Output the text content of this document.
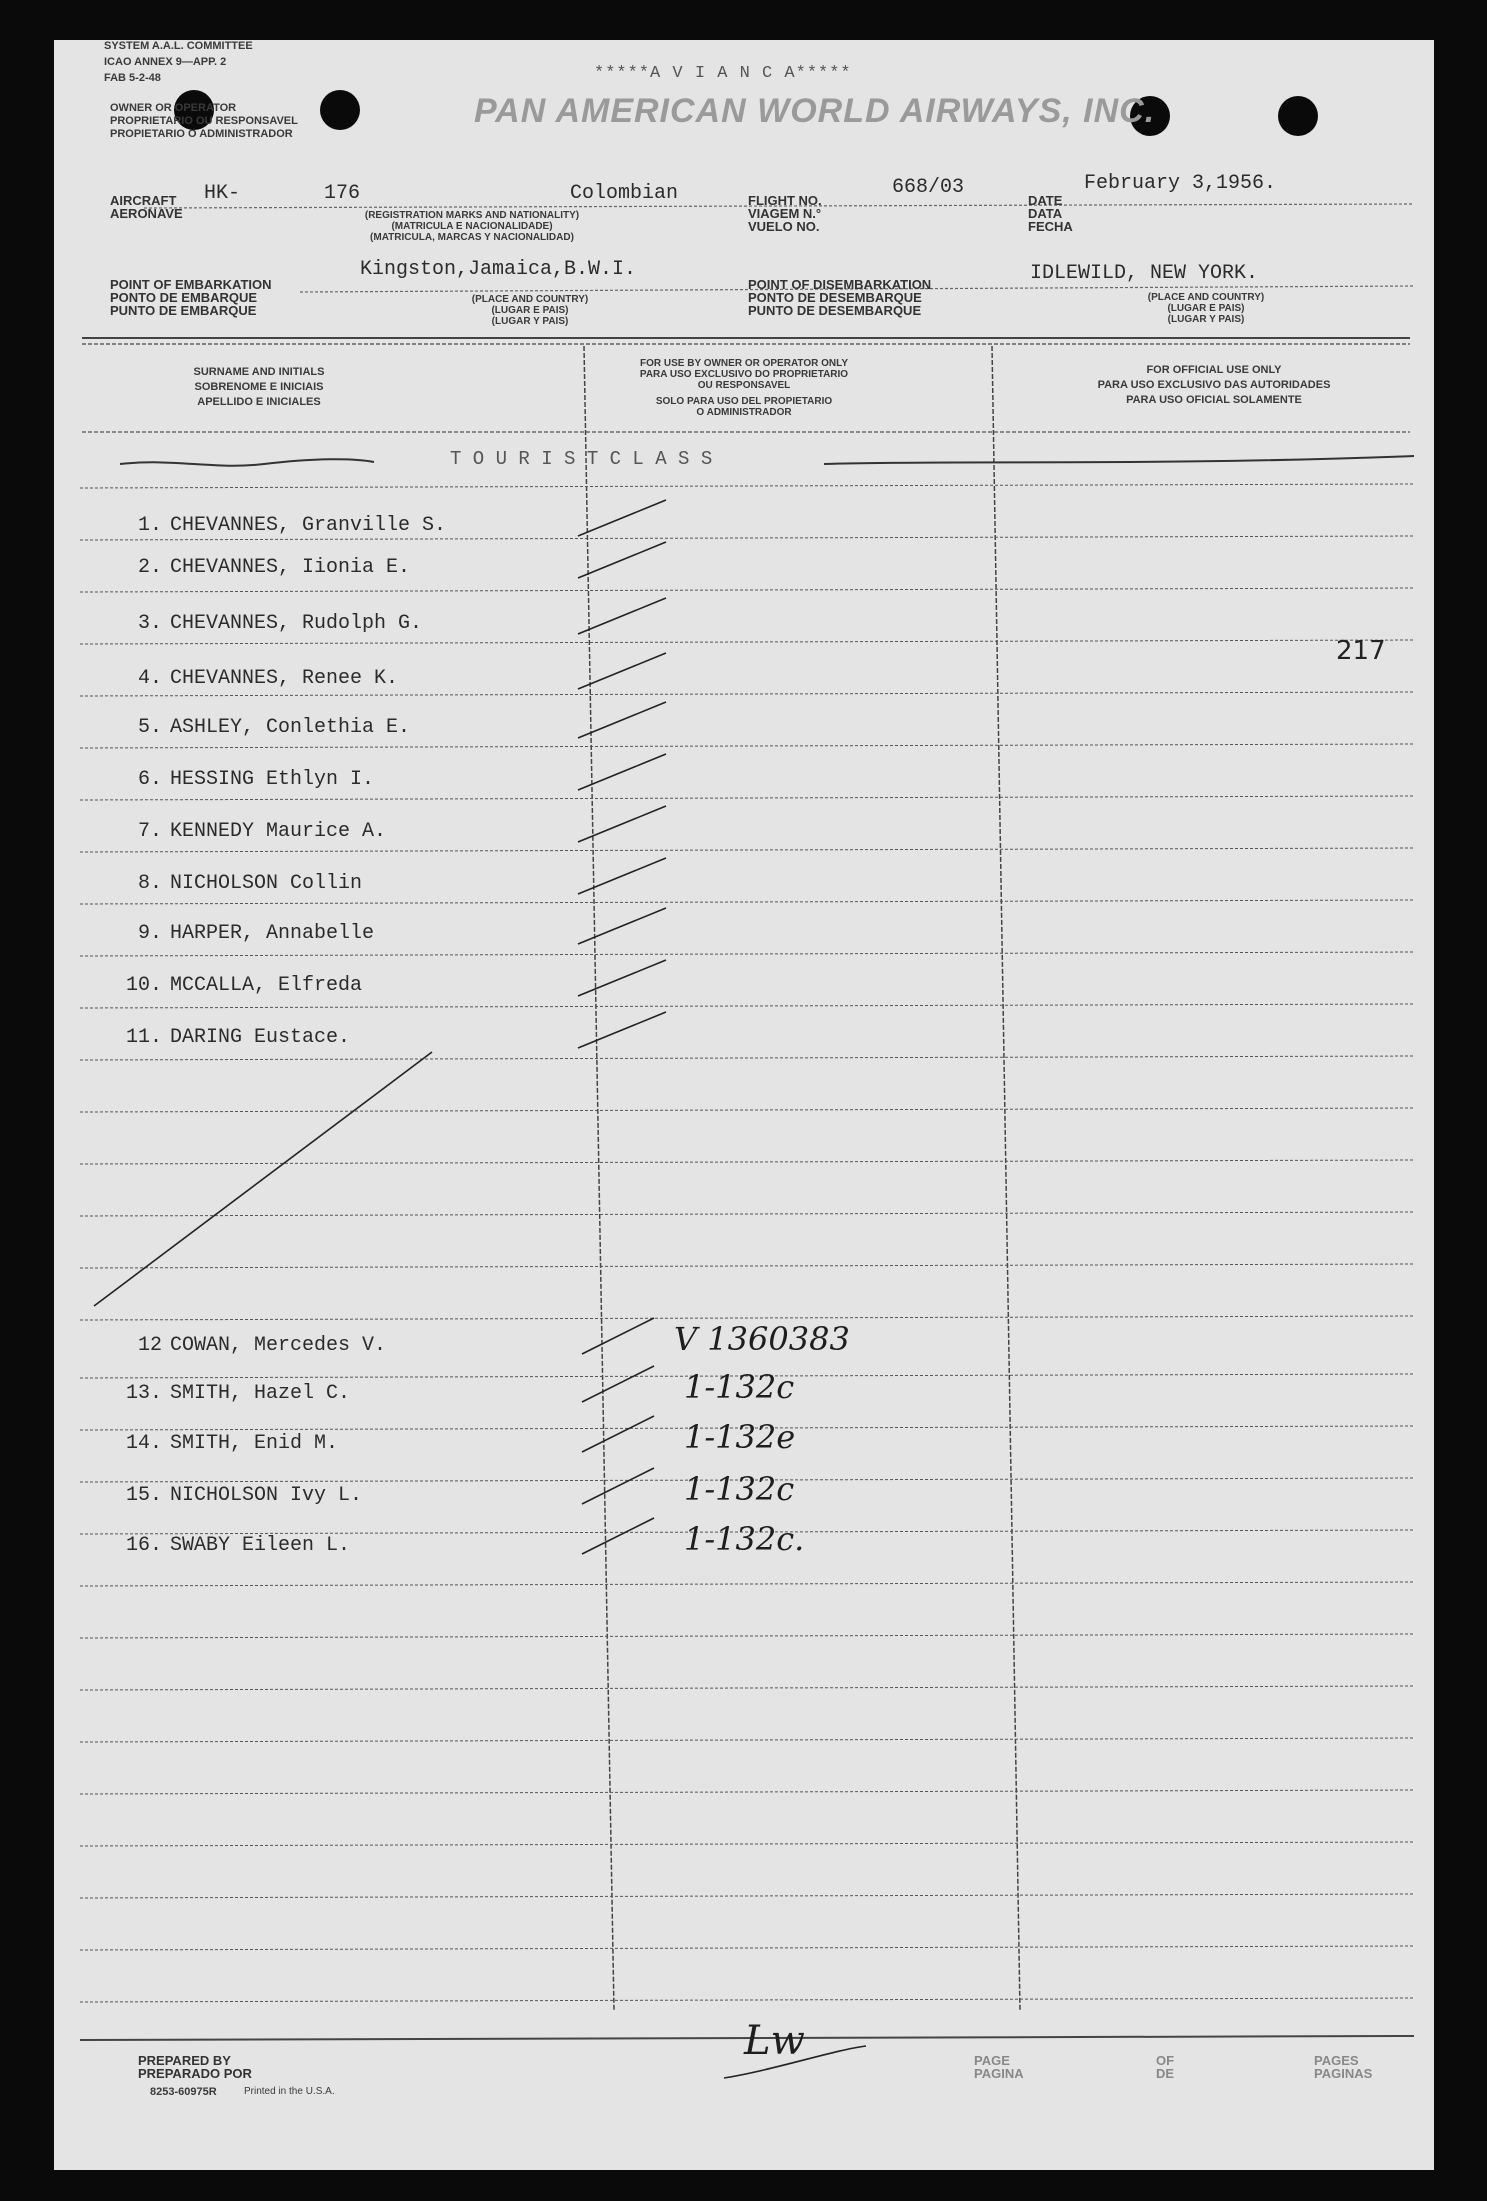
SYSTEM A.A.L. COMMITTEE
ICAO ANNEX 9—APP. 2
FAB 5-2-48
OWNER OR OPERATOR
PROPRIETARIO OU RESPONSAVEL
PROPIETARIO O ADMINISTRADOR
*****A V I A N C A*****
PAN AMERICAN WORLD AIRWAYS, INC.
AIRCRAFT
AERONAVE
HK-	176	Colombian
(REGISTRATION MARKS AND NATIONALITY)
(MATRICULA E NACIONALIDADE)
(MATRICULA, MARCAS Y NACIONALIDAD)
FLIGHT NO.
VIAGEM N.°
VUELO NO.
668/03
DATE
DATA
FECHA
February 3,1956.
POINT OF EMBARKATION
PONTO DE EMBARQUE
PUNTO DE EMBARQUE
Kingston,Jamaica,B.W.I.
(PLACE AND COUNTRY)
(LUGAR E PAIS)
(LUGAR Y PAIS)
POINT OF DISEMBARKATION
PONTO DE DESEMBARQUE
PUNTO DE DESEMBARQUE
IDLEWILD, NEW YORK.
(PLACE AND COUNTRY)
(LUGAR E PAIS)
(LUGAR Y PAIS)
SURNAME AND INITIALS
SOBRENOME E INICIAIS
APELLIDO E INICIALES
FOR USE BY OWNER OR OPERATOR ONLY
PARA USO EXCLUSIVO DO PROPRIETARIO
OU RESPONSAVEL
SOLO PARA USO DEL PROPIETARIO
O ADMINISTRADOR
FOR OFFICIAL USE ONLY
PARA USO EXCLUSIVO DAS AUTORIDADES
PARA USO OFICIAL SOLAMENTE
T O U R I S T C L A S S
1. CHEVANNES, Granville S.
2. CHEVANNES, Iionia E.
3. CHEVANNES, Rudolph G.
4. CHEVANNES, Renee K.
5. ASHLEY, Conlethia E.
6. HESSING Ethlyn I.
7. KENNEDY Maurice A.
8. NICHOLSON Collin
9. HARPER, Annabelle
10. MCCALLA, Elfreda
11. DARING Eustace.
12 COWAN, Mercedes V.	V 1360383
13. SMITH, Hazel C.	1-132c
14. SMITH, Enid M.	1-132e
15. NICHOLSON Ivy L.	1-132c
16. SWABY Eileen L.	1-132c.
217
PREPARED BY
PREPARADO POR
8253-60975R	Printed in the U.S.A.
Lw	PAGE
PAGINA
OF
DE
PAGES
PAGINAS
